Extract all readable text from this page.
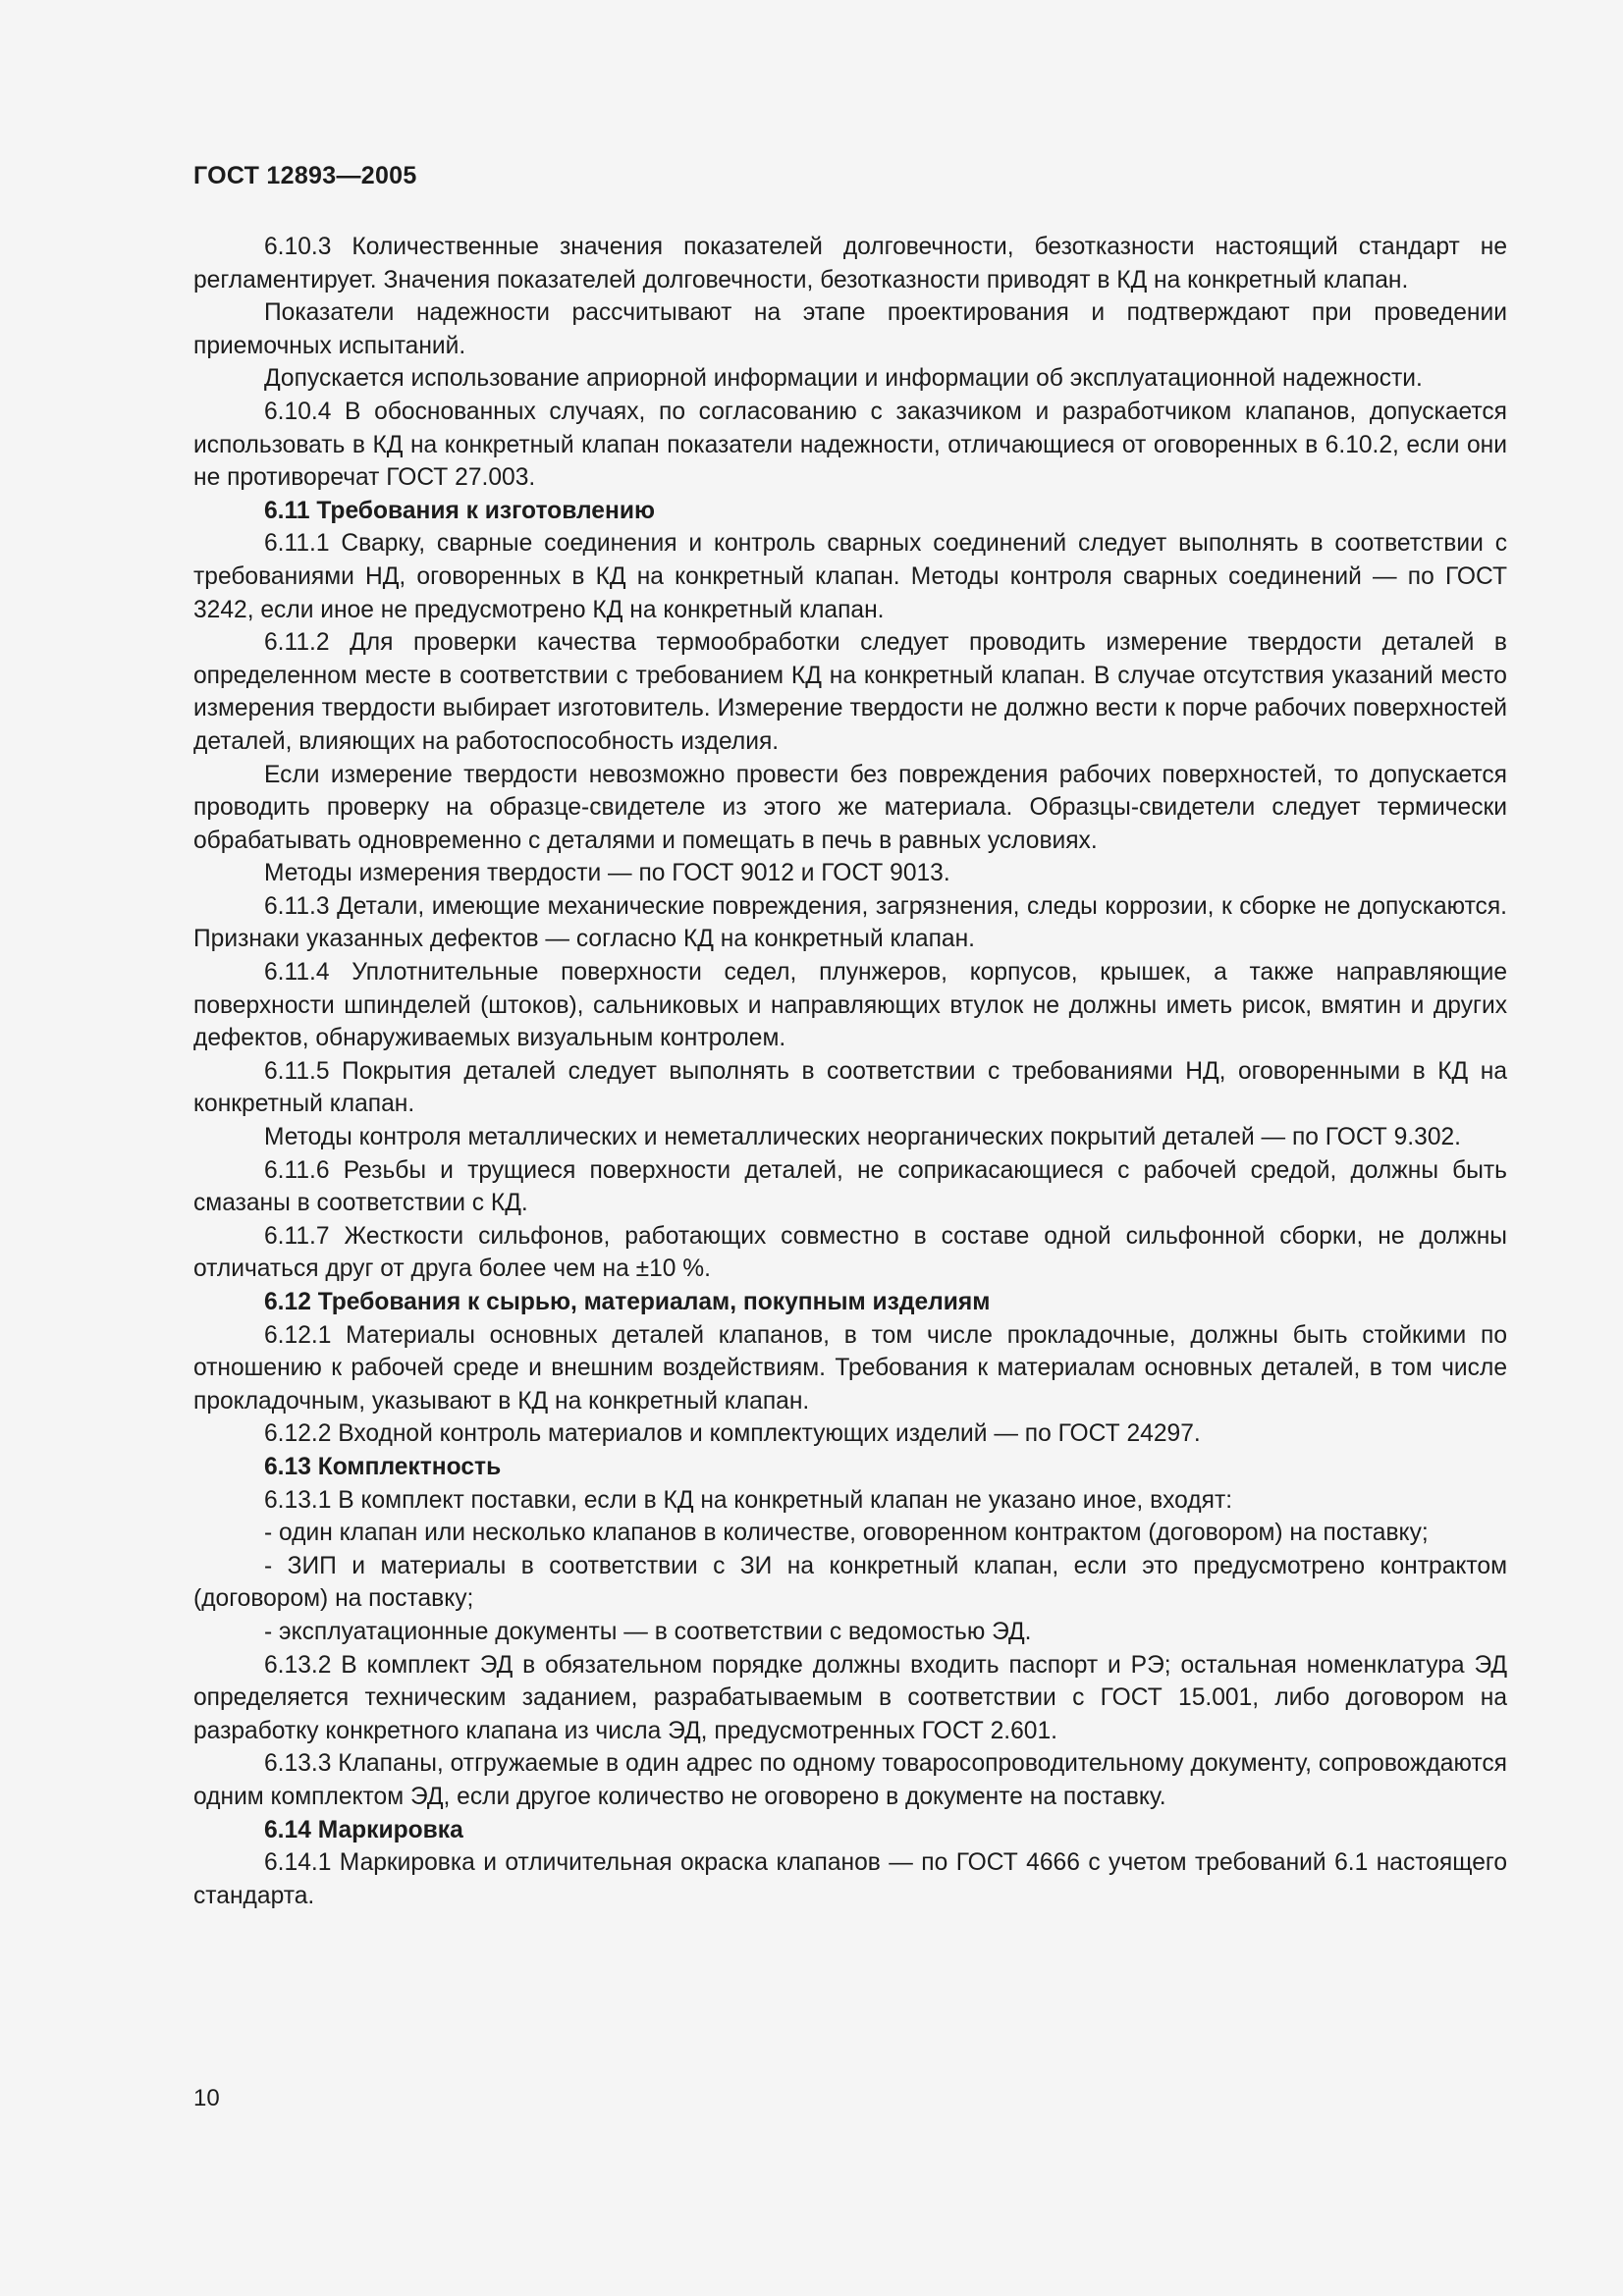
ГОСТ 12893—2005

6.10.3 Количественные значения показателей долговечности, безотказности настоящий стандарт не регламентирует. Значения показателей долговечности, безотказности приводят в КД на конкретный клапан.

Показатели надежности рассчитывают на этапе проектирования и подтверждают при проведении приемочных испытаний.

Допускается использование априорной информации и информации об эксплуатационной надежности.

6.10.4 В обоснованных случаях, по согласованию с заказчиком и разработчиком клапанов, допускается использовать в КД на конкретный клапан показатели надежности, отличающиеся от оговоренных в 6.10.2, если они не противоречат ГОСТ 27.003.

6.11 Требования к изготовлению

6.11.1 Сварку, сварные соединения и контроль сварных соединений следует выполнять в соответствии с требованиями НД, оговоренных в КД на конкретный клапан. Методы контроля сварных соединений — по ГОСТ 3242, если иное не предусмотрено КД на конкретный клапан.

6.11.2 Для проверки качества термообработки следует проводить измерение твердости деталей в определенном месте в соответствии с требованием КД на конкретный клапан. В случае отсутствия указаний место измерения твердости выбирает изготовитель. Измерение твердости не должно вести к порче рабочих поверхностей деталей, влияющих на работоспособность изделия.

Если измерение твердости невозможно провести без повреждения рабочих поверхностей, то допускается проводить проверку на образце-свидетеле из этого же материала. Образцы-свидетели следует термически обрабатывать одновременно с деталями и помещать в печь в равных условиях.

Методы измерения твердости — по ГОСТ 9012 и ГОСТ 9013.

6.11.3 Детали, имеющие механические повреждения, загрязнения, следы коррозии, к сборке не допускаются. Признаки указанных дефектов — согласно КД на конкретный клапан.

6.11.4 Уплотнительные поверхности седел, плунжеров, корпусов, крышек, а также направляющие поверхности шпинделей (штоков), сальниковых и направляющих втулок не должны иметь рисок, вмятин и других дефектов, обнаруживаемых визуальным контролем.

6.11.5 Покрытия деталей следует выполнять в соответствии с требованиями НД, оговоренными в КД на конкретный клапан.

Методы контроля металлических и неметаллических неорганических покрытий деталей — по ГОСТ 9.302.

6.11.6 Резьбы и трущиеся поверхности деталей, не соприкасающиеся с рабочей средой, должны быть смазаны в соответствии с КД.

6.11.7 Жесткости сильфонов, работающих совместно в составе одной сильфонной сборки, не должны отличаться друг от друга более чем на ±10 %.

6.12 Требования к сырью, материалам, покупным изделиям

6.12.1 Материалы основных деталей клапанов, в том числе прокладочные, должны быть стойкими по отношению к рабочей среде и внешним воздействиям. Требования к материалам основных деталей, в том числе прокладочным, указывают в КД на конкретный клапан.

6.12.2 Входной контроль материалов и комплектующих изделий — по ГОСТ 24297.

6.13 Комплектность

6.13.1 В комплект поставки, если в КД на конкретный клапан не указано иное, входят:

- один клапан или несколько клапанов в количестве, оговоренном контрактом (договором) на поставку;

- ЗИП и материалы в соответствии с ЗИ на конкретный клапан, если это предусмотрено контрактом (договором) на поставку;

- эксплуатационные документы — в соответствии с ведомостью ЭД.

6.13.2 В комплект ЭД в обязательном порядке должны входить паспорт и РЭ; остальная номенклатура ЭД определяется техническим заданием, разрабатываемым в соответствии с ГОСТ 15.001, либо договором на разработку конкретного клапана из числа ЭД, предусмотренных ГОСТ 2.601.

6.13.3 Клапаны, отгружаемые в один адрес по одному товаросопроводительному документу, сопровождаются одним комплектом ЭД, если другое количество не оговорено в документе на поставку.

6.14 Маркировка

6.14.1 Маркировка и отличительная окраска клапанов — по ГОСТ 4666 с учетом требований 6.1 настоящего стандарта.

10
